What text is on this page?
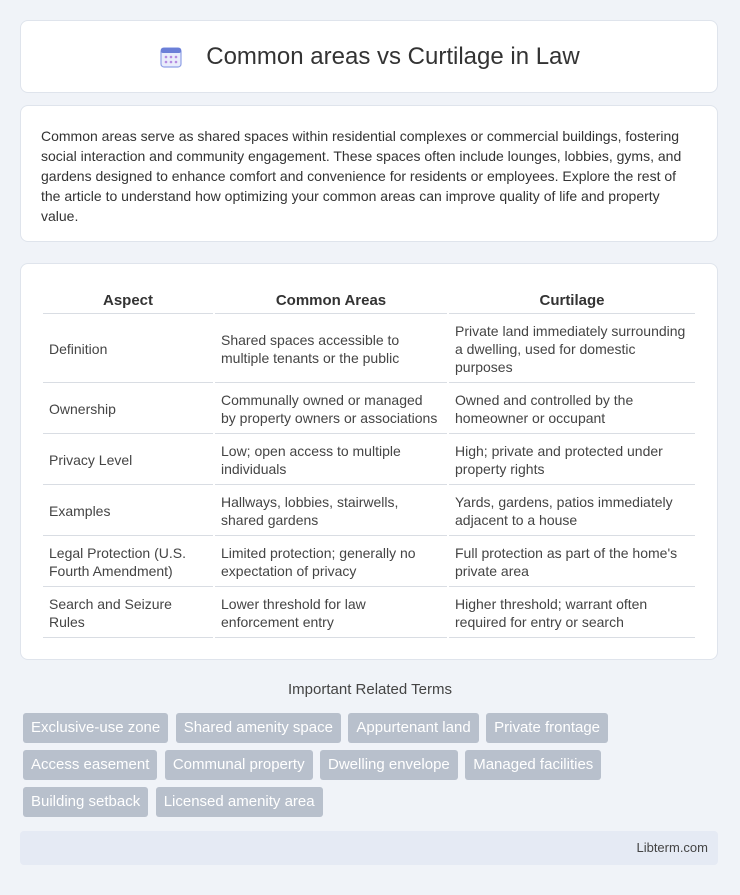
Common areas vs Curtilage in Law

Common areas serve as shared spaces within residential complexes or commercial buildings, fostering social interaction and community engagement. These spaces often include lounges, lobbies, gyms, and gardens designed to enhance comfort and convenience for residents or employees. Explore the rest of the article to understand how optimizing your common areas can improve quality of life and property value.

Aspect	Common Areas	Curtilage
Definition	Shared spaces accessible to multiple tenants or the public	Private land immediately surrounding a dwelling, used for domestic purposes
Ownership	Communally owned or managed by property owners or associations	Owned and controlled by the homeowner or occupant
Privacy Level	Low; open access to multiple individuals	High; private and protected under property rights
Examples	Hallways, lobbies, stairwells, shared gardens	Yards, gardens, patios immediately adjacent to a house
Legal Protection (U.S. Fourth Amendment)	Limited protection; generally no expectation of privacy	Full protection as part of the home's private area
Search and Seizure Rules	Lower threshold for law enforcement entry	Higher threshold; warrant often required for entry or search
Important Related Terms
Exclusive-use zone Shared amenity space Appurtenant land Private frontage Access easement Communal property Dwelling envelope Managed facilities Building setback Licensed amenity area
Libterm.com
